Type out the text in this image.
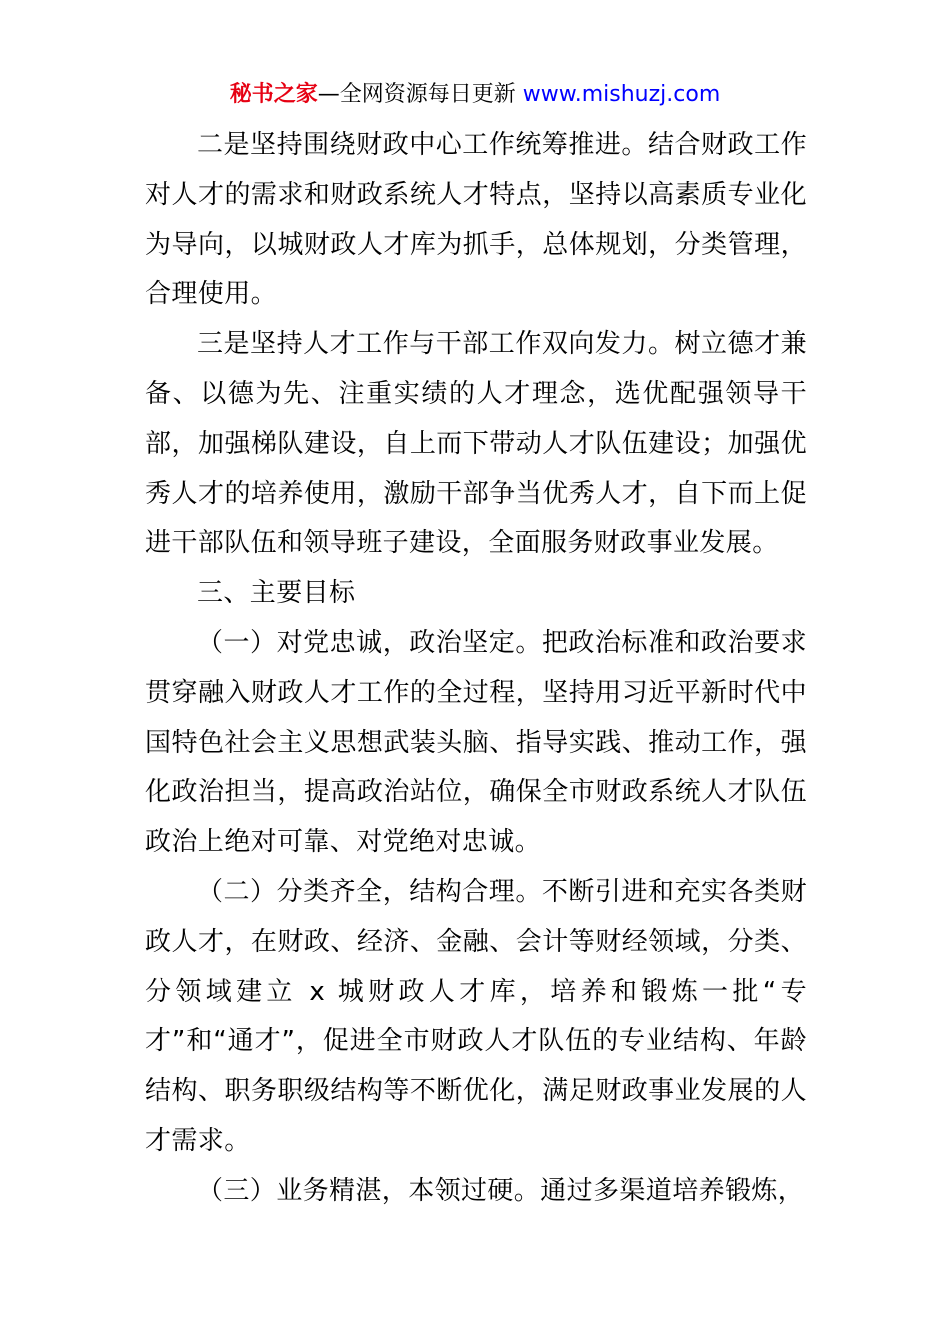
秘书之家—全网资源每日更新 www.mishuzj.com

二是坚持围绕财政中心工作统筹推进。结合财政工作对人才的需求和财政系统人才特点，坚持以高素质专业化为导向，以城财政人才库为抓手，总体规划，分类管理，合理使用。

三是坚持人才工作与干部工作双向发力。树立德才兼备、以德为先、注重实绩的人才理念，选优配强领导干部，加强梯队建设，自上而下带动人才队伍建设；加强优秀人才的培养使用，激励干部争当优秀人才，自下而上促进干部队伍和领导班子建设，全面服务财政事业发展。

三、主要目标

（一）对党忠诚，政治坚定。把政治标准和政治要求贯穿融入财政人才工作的全过程，坚持用习近平新时代中国特色社会主义思想武装头脑、指导实践、推动工作，强化政治担当，提高政治站位，确保全市财政系统人才队伍政治上绝对可靠、对党绝对忠诚。

（二）分类齐全，结构合理。不断引进和充实各类财政人才，在财政、经济、金融、会计等财经领域，分类、分领域建立 x 城财政人才库，培养和锻炼一批“专才”和“通才”，促进全市财政人才队伍的专业结构、年龄结构、职务职级结构等不断优化，满足财政事业发展的人才需求。

（三）业务精湛，本领过硬。通过多渠道培养锻炼，
